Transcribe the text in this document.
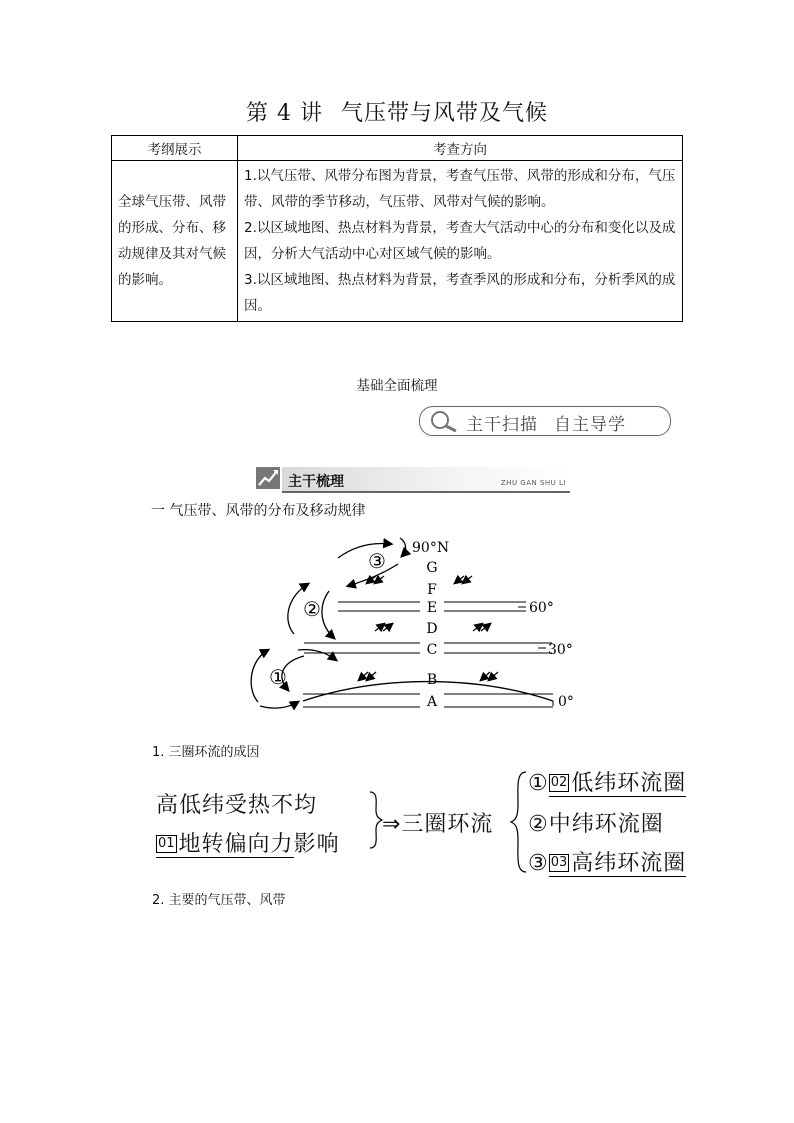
第 4 讲 气压带与风带及气候
考纲展示	考查方向
全球气压带、风带的形成、分布、移动规律及其对气候的影响。	1.以气压带、风带分布图为背景，考查气压带、风带的形成和分布，气压带、风带的季节移动，气压带、风带对气候的影响。
2.以区域地图、热点材料为背景，考查大气活动中心的分布和变化以及成因，分析大气活动中心对区域气候的影响。
3.以区域地图、热点材料为背景，考查季风的形成和分布，分析季风的成因。
基础全面梳理
主干扫描 自主导学
主干梳理	ZHU GAN SHU LI
一 气压带、风带的分布及移动规律
A
B
C
D
E
F
G
90°N
0°
30°
60°
③
②
①
1. 三圈环流的成因
高低纬受热不均
01 地转偏向力影响
⇒三圈环流
① 02 低纬环流圈
②中纬环流圈
③ 03 高纬环流圈
2. 主要的气压带、风带
